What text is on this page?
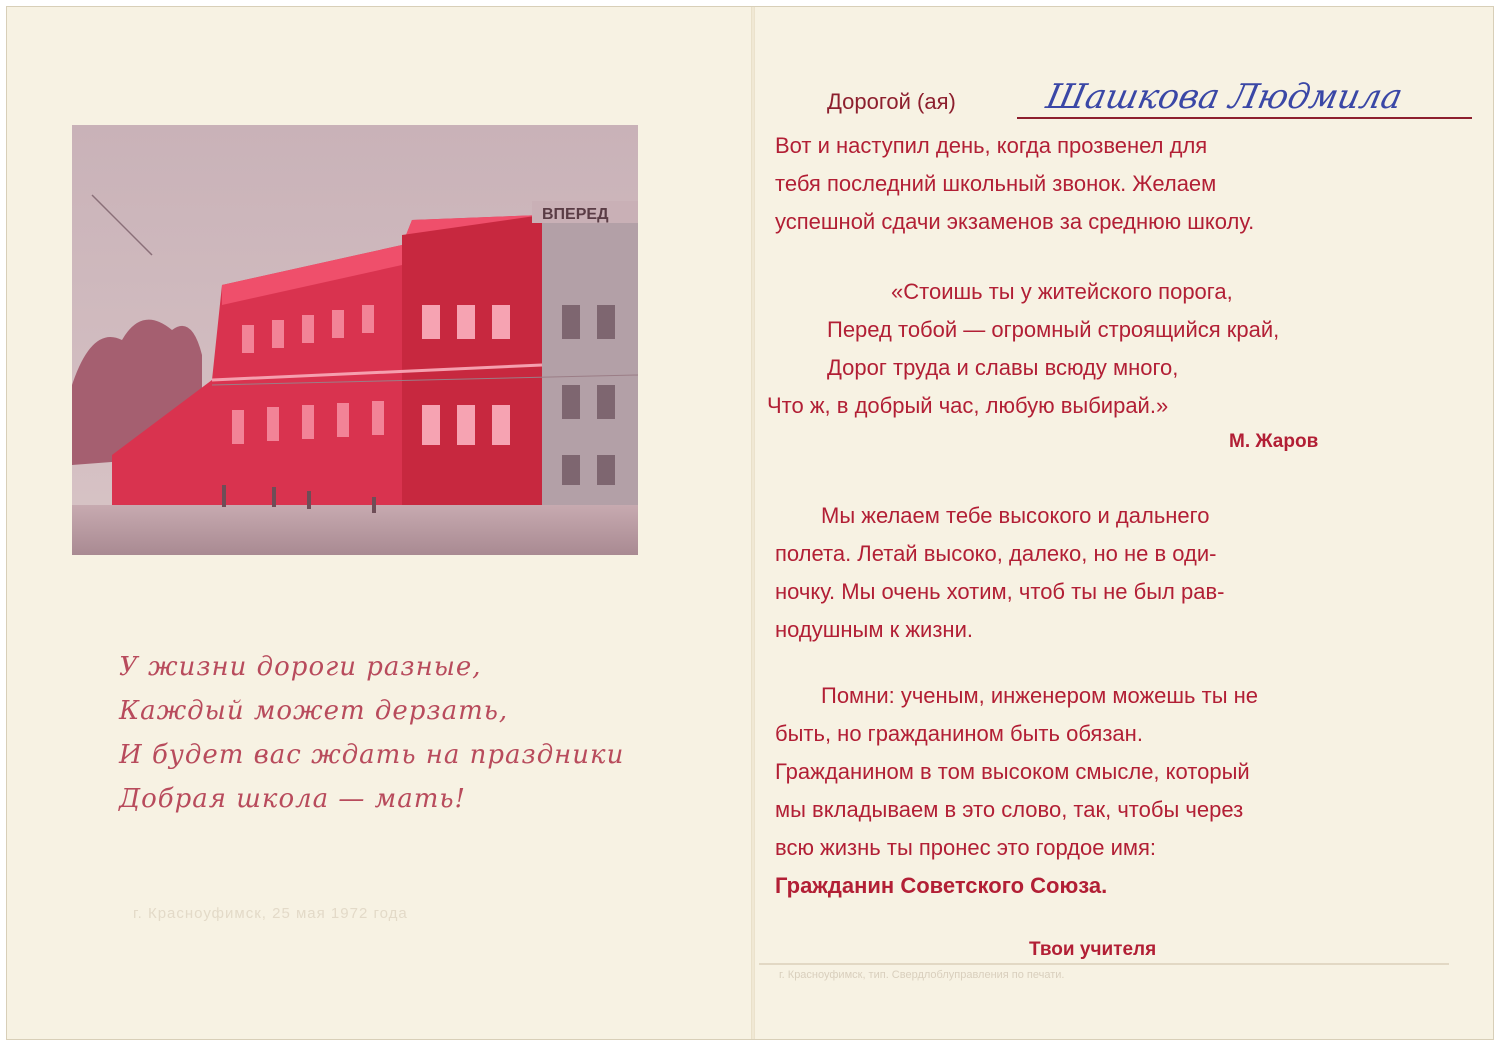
ВПЕРЕД
У жизни дороги разные,
Каждый может дерзать,
И будет вас ждать на праздники
Добрая школа — мать!
г. Красноуфимск, 25 мая 1972 года
Дорогой (ая)	Шашкова Людмила
Вот и наступил день, когда прозвенел для
тебя последний школьный звонок. Желаем
успешной сдачи экзаменов за среднюю школу.
«Стоишь ты у житейского порога,
Перед тобой — огромный строящийся край,
Дорог труда и славы всюду много,
Что ж, в добрый час, любую выбирай.»
М. Жаров
Мы желаем тебе высокого и дальнего
полета. Летай высоко, далеко, но не в оди-
ночку. Мы очень хотим, чтоб ты не был рав-
нодушным к жизни.
Помни: ученым, инженером можешь ты не
быть, но гражданином быть обязан.
Гражданином в том высоком смысле, который
мы вкладываем в это слово, так, чтобы через
всю жизнь ты пронес это гордое имя:
Гражданин Советского Союза.
Твои учителя
г. Красноуфимск, тип. Свердлоблуправления по печати.
